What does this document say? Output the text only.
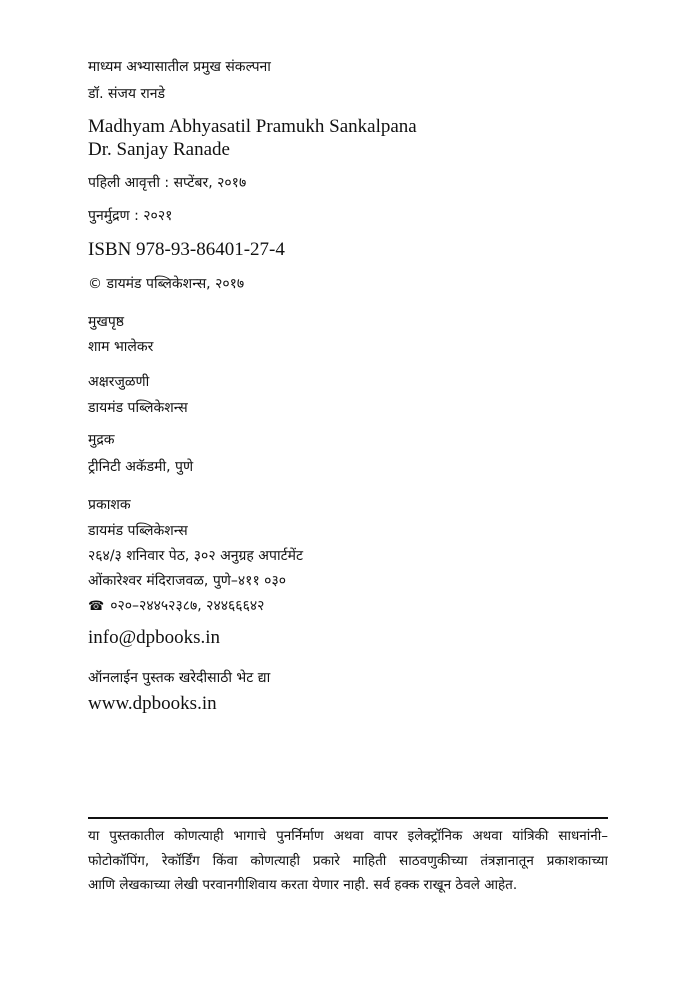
माध्यम अभ्यासातील प्रमुख संकल्पना
डॉ. संजय रानडे
Madhyam Abhyasatil Pramukh Sankalpana
Dr. Sanjay Ranade
पहिली आवृत्ती : सप्टेंबर, २०१७
पुनर्मुद्रण : २०२१
ISBN 978-93-86401-27-4
© डायमंड पब्लिकेशन्स, २०१७
मुखपृष्ठ
शाम भालेकर
अक्षरजुळणी
डायमंड पब्लिकेशन्स
मुद्रक
ट्रीनिटी अकॅडमी, पुणे
प्रकाशक
डायमंड पब्लिकेशन्स
२६४/३ शनिवार पेठ, ३०२ अनुग्रह अपार्टमेंट
ओंकारेश्वर मंदिराजवळ, पुणे–४११ ०३०
☎ ०२०–२४४५२३८७, २४४६६६४२
info@dpbooks.in
ऑनलाईन पुस्तक खरेदीसाठी भेट द्या
www.dpbooks.in
या पुस्तकातील कोणत्याही भागाचे पुनर्निर्माण अथवा वापर इलेक्ट्रॉनिक अथवा यांत्रिकी साधनांनी–
फोटोकॉपिंग, रेकॉर्डिंग किंवा कोणत्याही प्रकारे माहिती साठवणुकीच्या तंत्रज्ञानातून प्रकाशकाच्या
आणि लेखकाच्या लेखी परवानगीशिवाय करता येणार नाही. सर्व हक्क राखून ठेवले आहेत.
